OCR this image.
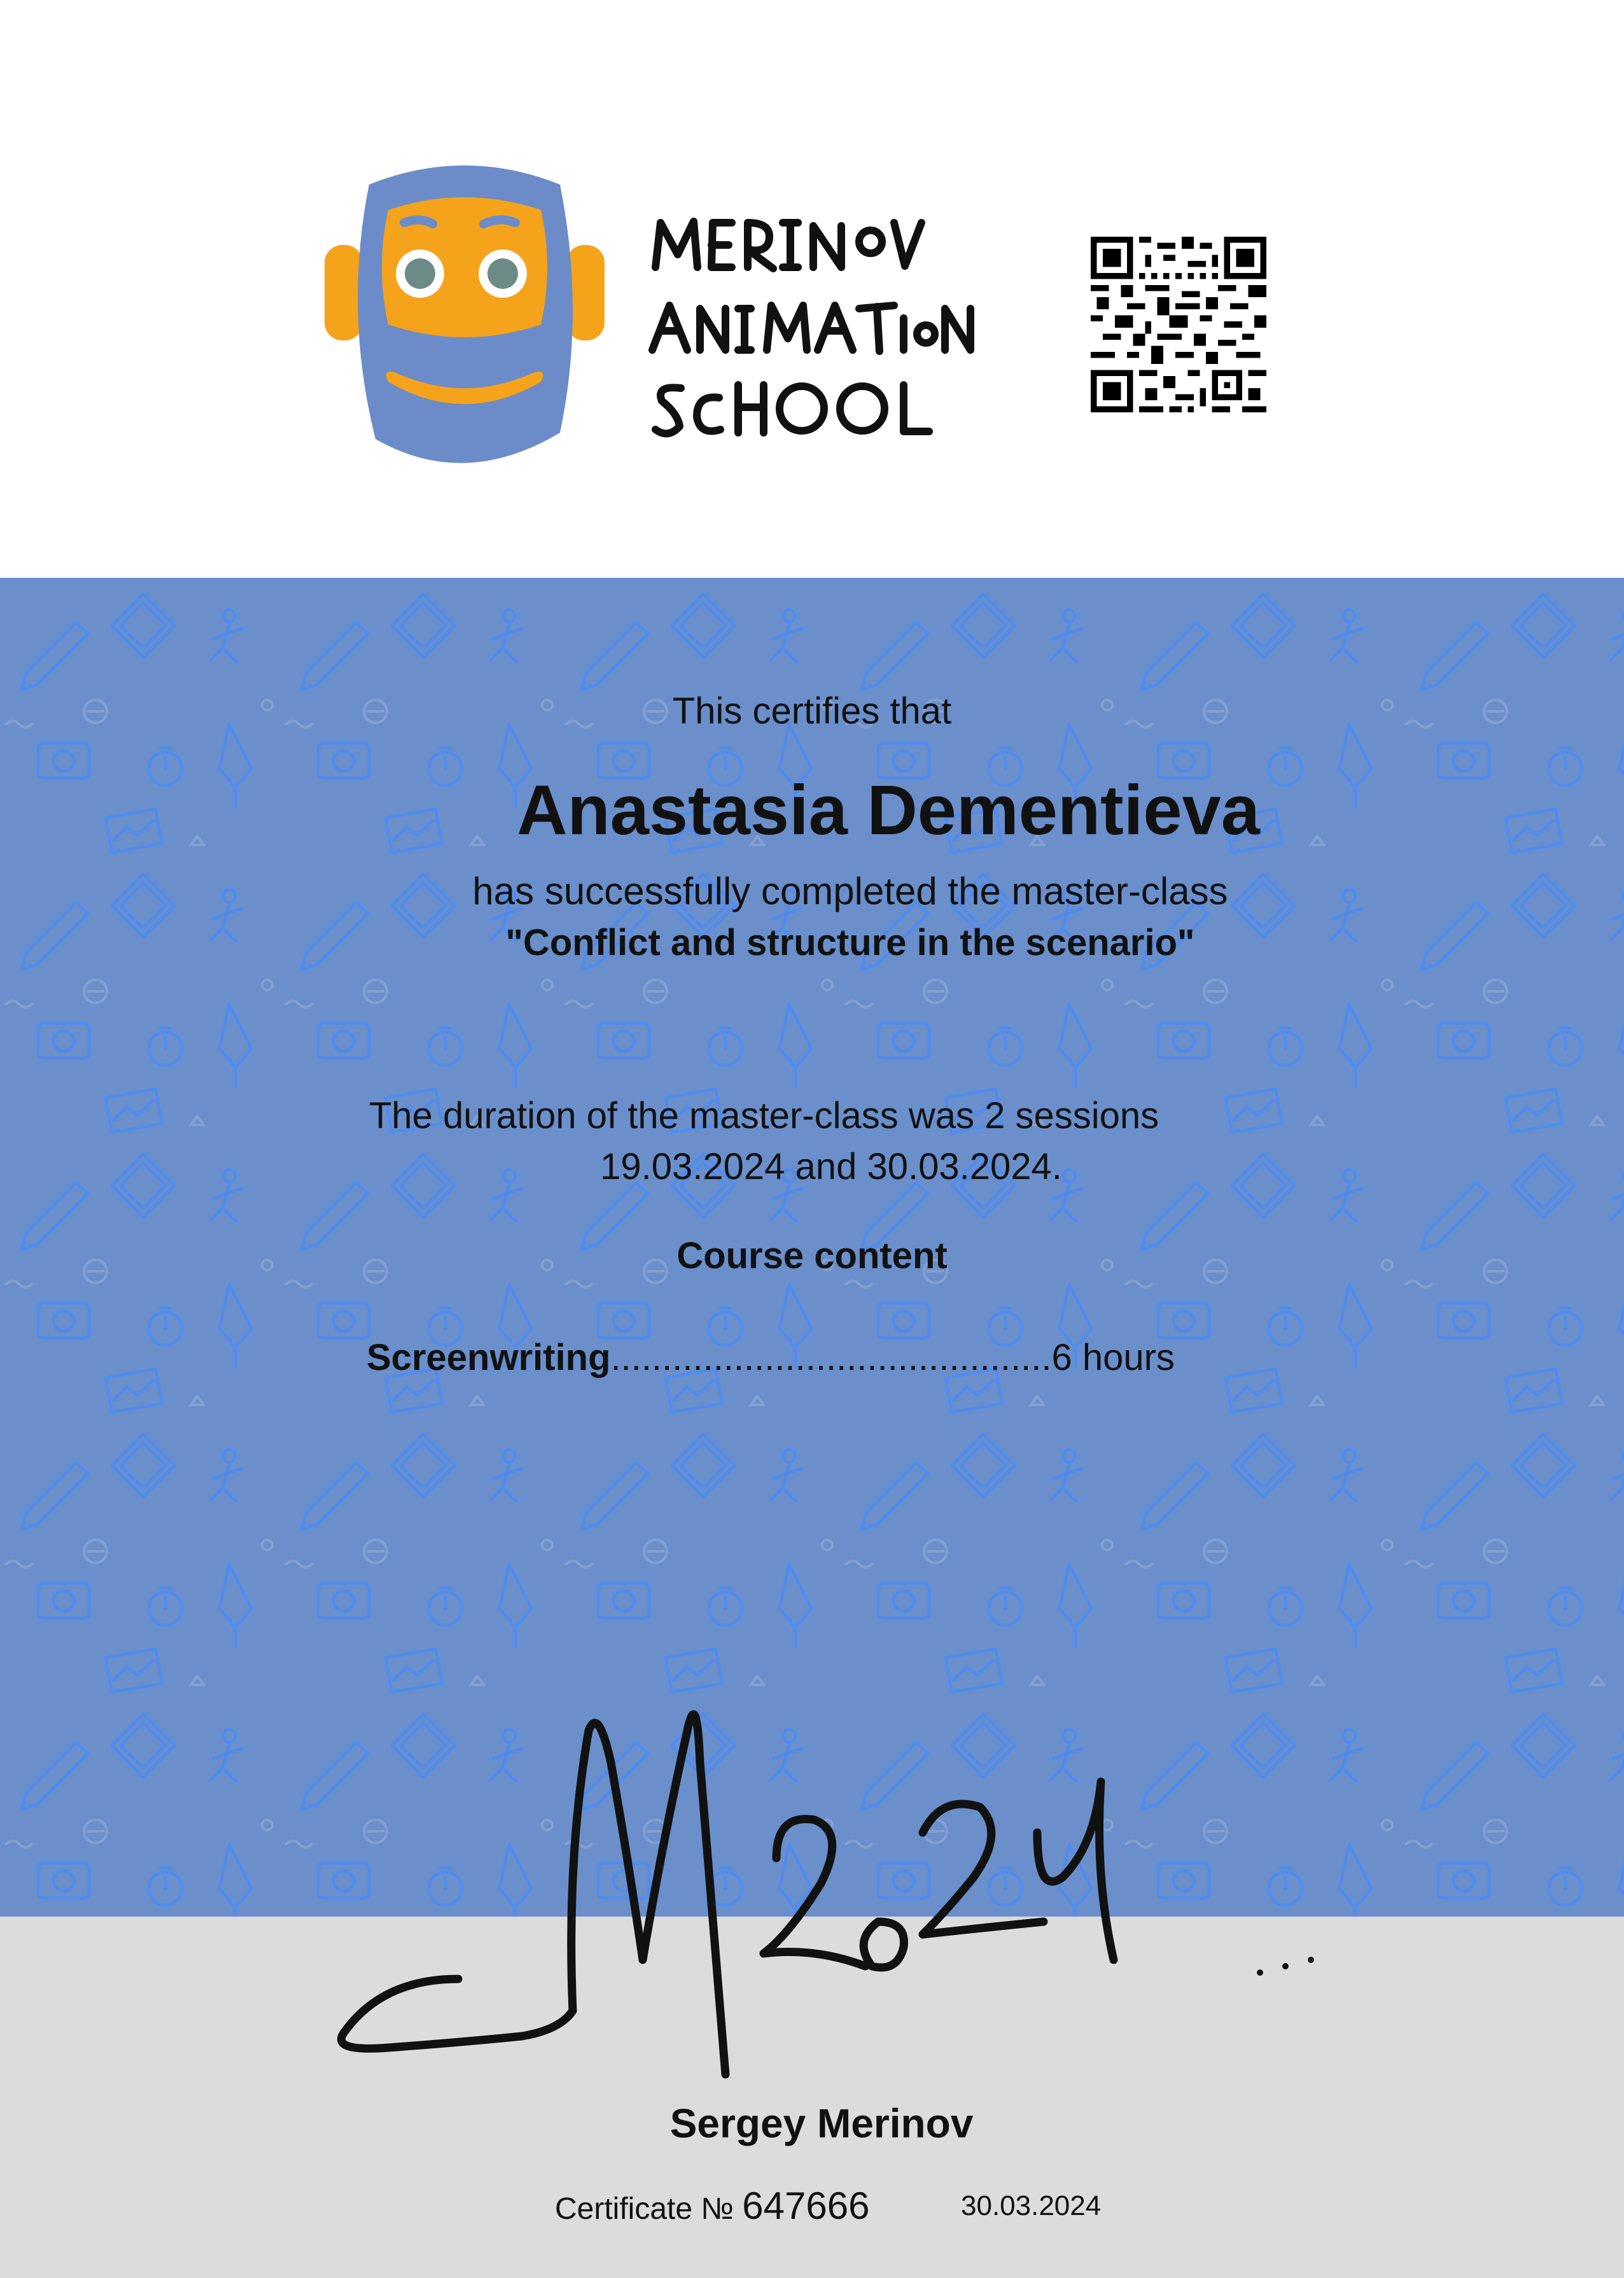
This certifies that
Anastasia Dementieva
has successfully completed the master-class
"Conflict and structure in the scenario"
The duration of the master-class was 2 sessions
19.03.2024 and 30.03.2024.
Course content
Screenwriting...........................................6 hours
Sergey Merinov
Certificate № 647666	30.03.2024
